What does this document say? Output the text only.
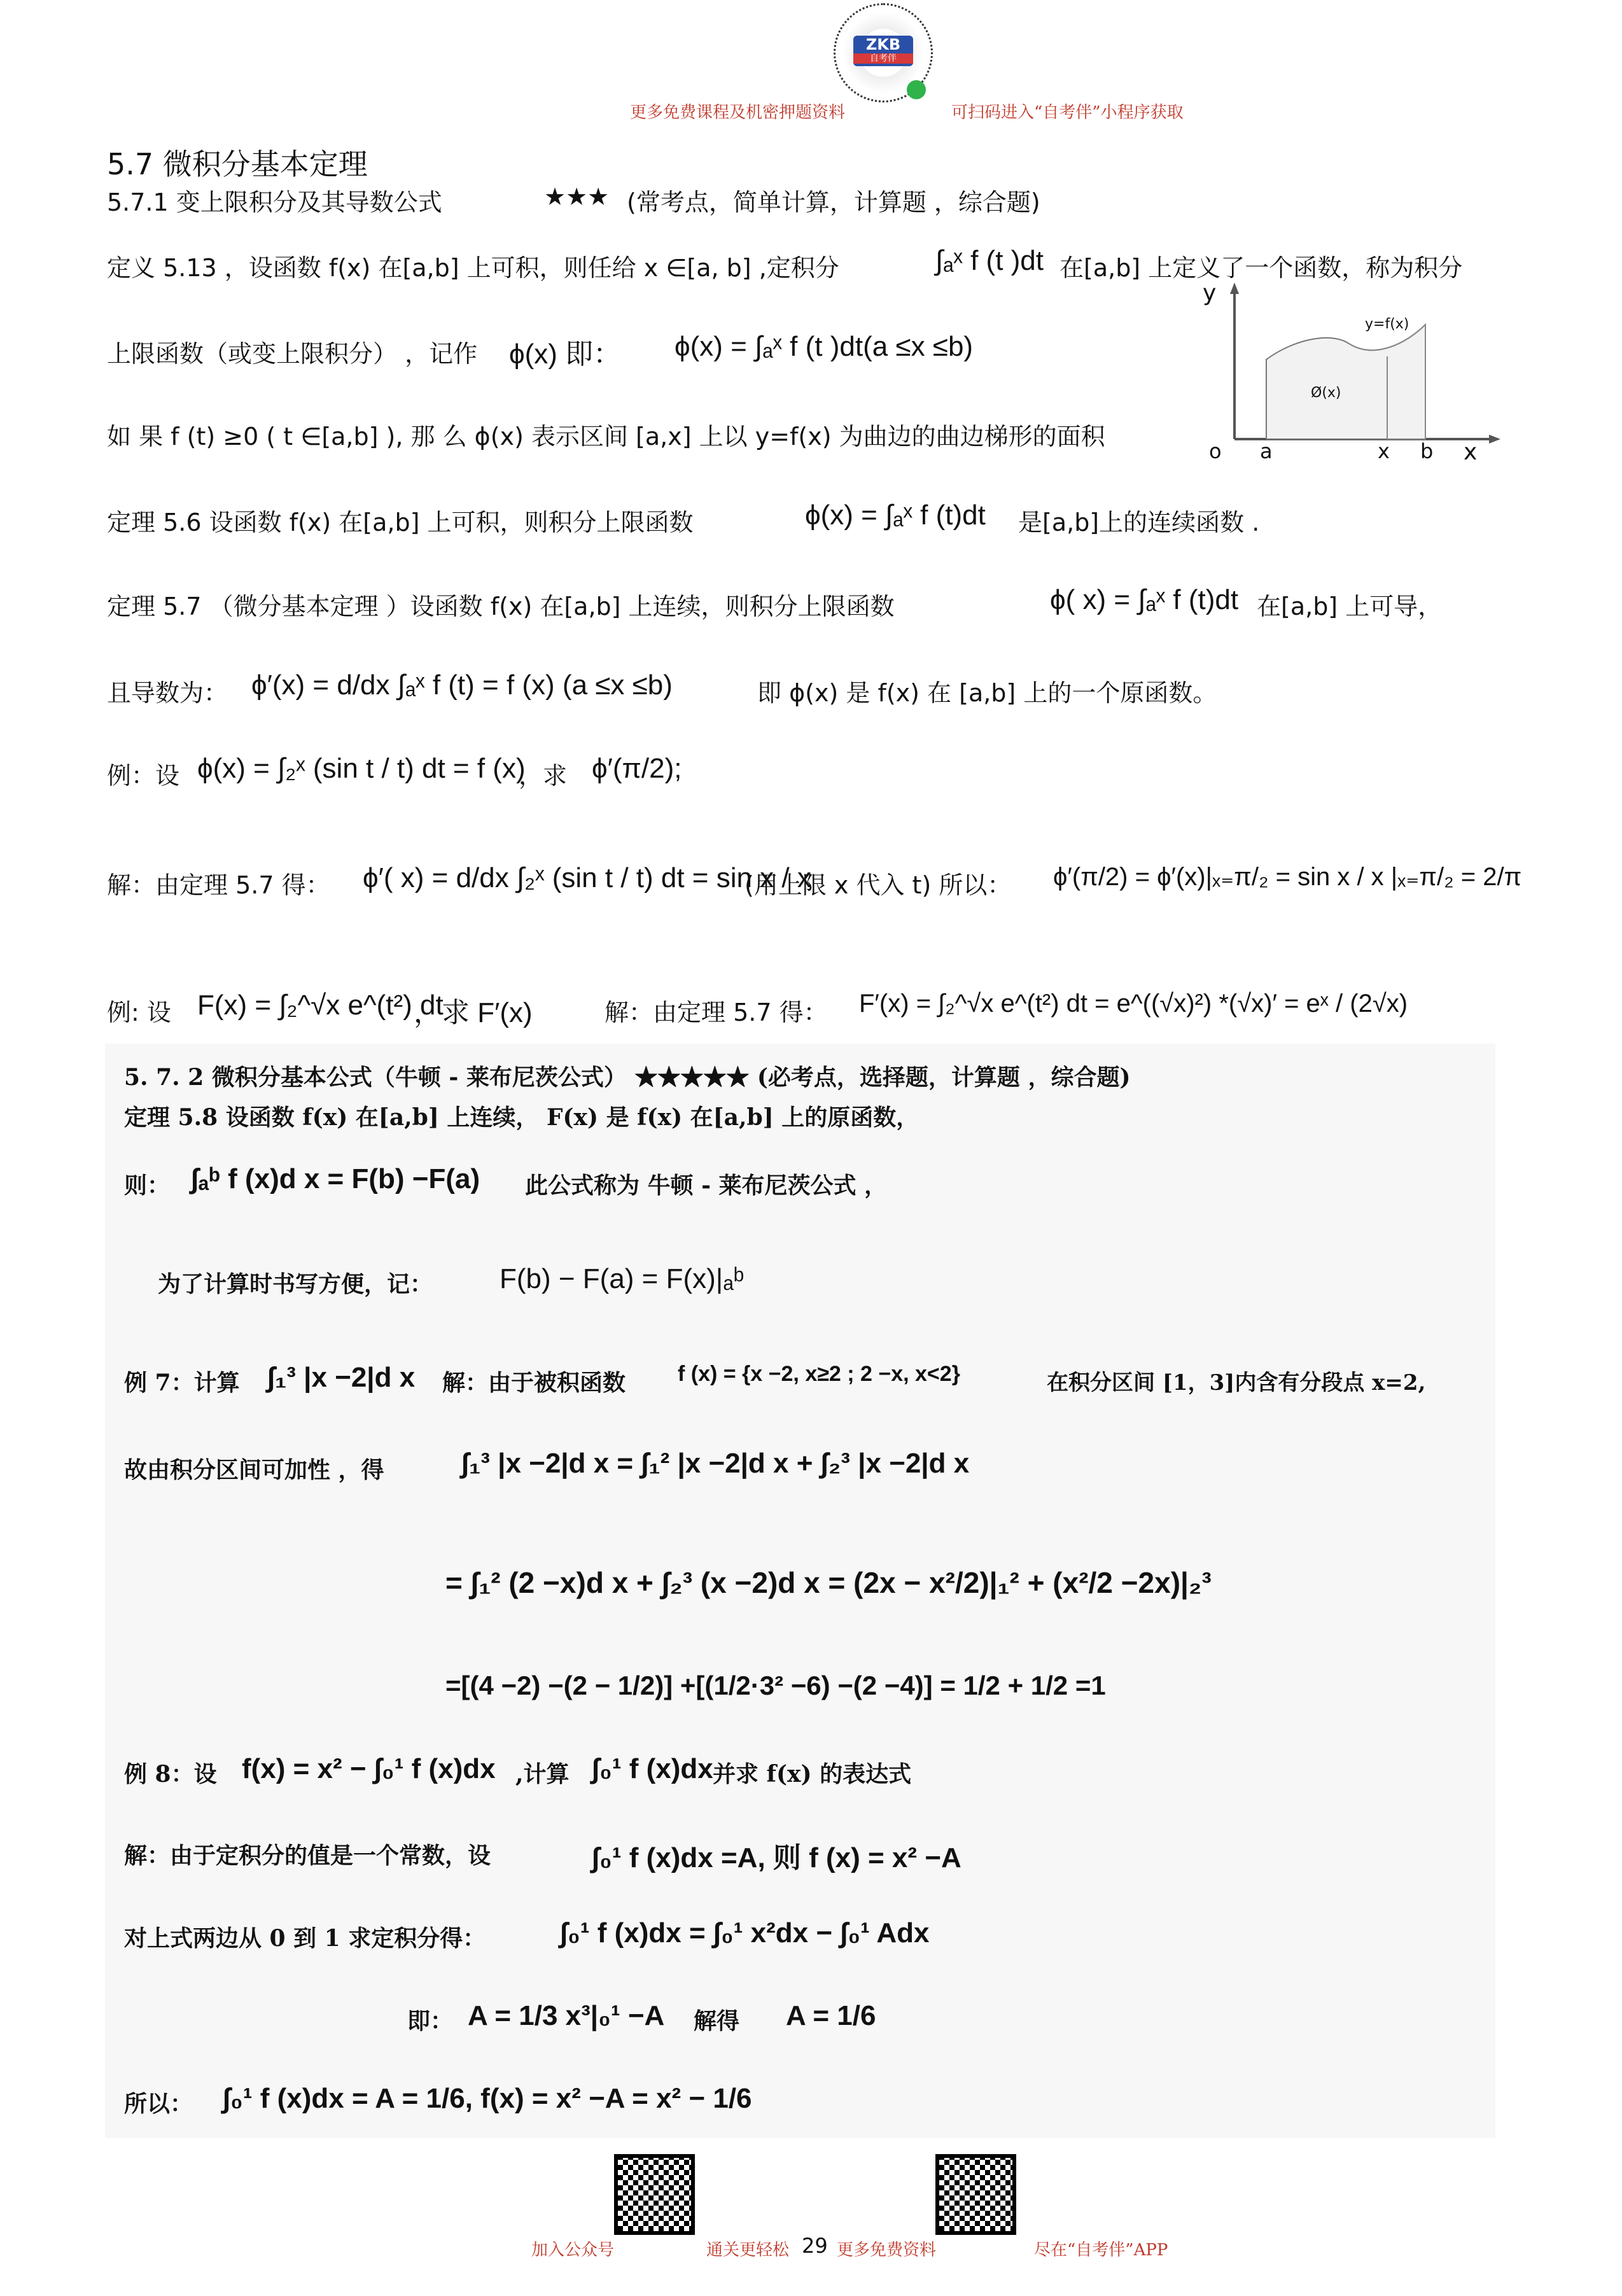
ZKB
自考伴
更多免费课程及机密押题资料	可扫码进入“自考伴”小程序获取
5.7 微积分基本定理
5.7.1 变上限积分及其导数公式	★★★ (常考点，简单计算，计算题 ，综合题)
定义 5.13 ，设函数 f(x) 在[a,b] 上可积，则任给 x ∈[a, b] ,定积分	∫ₐˣ f (t )dt 在[a,b] 上定义了一个函数，称为积分
上限函数（或变上限积分） ，记作 ϕ(x) 即： ϕ(x) = ∫ₐˣ f (t )dt(a ≤x ≤b)
如 果 f (t) ≥0 ( t ∈[a,b] ), 那 么 ϕ(x) 表示区间 [a,x] 上以 y=f(x) 为曲边的曲边梯形的面积
y
x
o a	x b
y=f(x)
Ø(x)
定理 5.6 设函数 f(x) 在[a,b] 上可积，则积分上限函数	ϕ(x) = ∫ₐˣ f (t)dt 是[a,b]上的连续函数 .
定理 5.7 （微分基本定理 ）设函数 f(x) 在[a,b] 上连续，则积分上限函数	ϕ( x) = ∫ₐˣ f (t)dt 在[a,b] 上可导，
且导数为： ϕ′(x) = d/dx ∫ₐˣ f (t) = f (x) (a ≤x ≤b)	即 ϕ(x) 是 f(x) 在 [a,b] 上的一个原函数。
例：设 ϕ(x) = ∫₂ˣ (sin t / t) dt = f (x)
，求 ϕ′(π/2);
解：由定理 5.7 得： ϕ′( x) = d/dx ∫₂ˣ (sin t / t) dt = sin x / x
(用上限 x 代入 t) 所以： ϕ′(π/2) = ϕ′(x)|ₓ₌π/₂ = sin x / x |ₓ₌π/₂ = 2/π
例: 设 F(x) = ∫₂^√x e^(t²) dt
，求 F′(x)	解：由定理 5.7 得： F′(x) = ∫₂^√x e^(t²) dt = e^((√x)²) *(√x)′ = eˣ / (2√x)
5. 7. 2 微积分基本公式（牛顿 - 莱布尼茨公式） ★★★★★ (必考点，选择题，计算题 ，综合题)
定理 5.8 设函数 f(x) 在[a,b] 上连续， F(x) 是 f(x) 在[a,b] 上的原函数，
则： ∫ₐᵇ f (x)d x = F(b) −F(a) 此公式称为 牛顿 - 莱布尼茨公式 ，
为了计算时书写方便，记： F(b) − F(a) = F(x)|ₐᵇ
例 7：计算 ∫₁³ |x −2|d x 解：由于被积函数 f (x) = {x −2, x≥2 ; 2 −x, x<2}	在积分区间 [1，3]内含有分段点 x=2,
故由积分区间可加性 ，得	∫₁³ |x −2|d x = ∫₁² |x −2|d x + ∫₂³ |x −2|d x
= ∫₁² (2 −x)d x + ∫₂³ (x −2)d x = (2x − x²/2)|₁² + (x²/2 −2x)|₂³
=[(4 −2) −(2 − 1/2)] +[(1/2·3² −6) −(2 −4)] = 1/2 + 1/2 =1
例 8：设 f(x) = x² − ∫₀¹ f (x)dx ,计算 ∫₀¹ f (x)dx 并求 f(x) 的表达式
解：由于定积分的值是一个常数，设	∫₀¹ f (x)dx =A, 则 f (x) = x² −A
对上式两边从 0 到 1 求定积分得：	∫₀¹ f (x)dx = ∫₀¹ x²dx − ∫₀¹ Adx
即： A = 1/3 x³|₀¹ −A 解得 A = 1/6
所以： ∫₀¹ f (x)dx = A = 1/6, f(x) = x² −A = x² − 1/6
加入公众号	通关更轻松 29 更多免费资料	尽在“自考伴”APP
